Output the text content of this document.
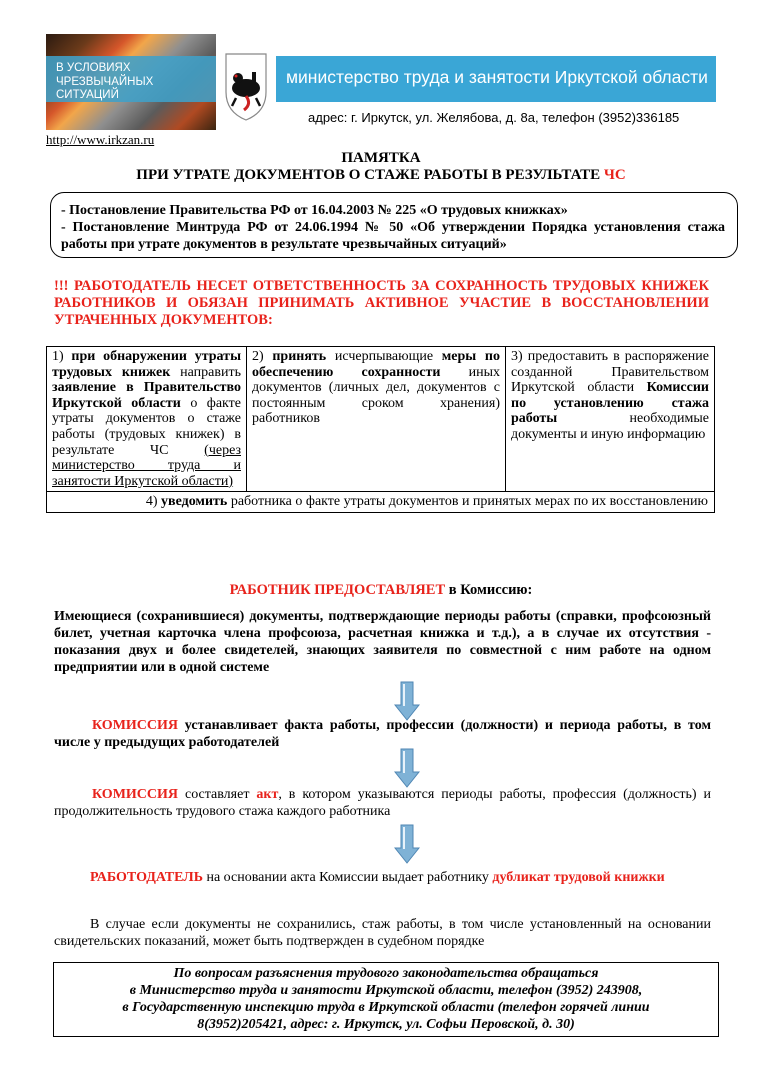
В УСЛОВИЯХ
ЧРЕЗВЫЧАЙНЫХ СИТУАЦИЙ
министерство труда и занятости Иркутской области
адрес: г. Иркутск, ул. Желябова, д. 8а, телефон (3952)336185
http://www.irkzan.ru
ПАМЯТКА
ПРИ УТРАТЕ ДОКУМЕНТОВ О СТАЖЕ РАБОТЫ В РЕЗУЛЬТАТЕ ЧС
- Постановление Правительства РФ от 16.04.2003 № 225 «О трудовых книжках»
- Постановление Минтруда РФ от 24.06.1994 № 50 «Об утверждении Порядка установления стажа работы при утрате документов в результате чрезвычайных ситуаций»
!!! РАБОТОДАТЕЛЬ НЕСЕТ ОТВЕТСТВЕННОСТЬ ЗА СОХРАННОСТЬ ТРУДОВЫХ КНИЖЕК РАБОТНИКОВ И ОБЯЗАН ПРИНИМАТЬ АКТИВНОЕ УЧАСТИЕ В ВОССТАНОВЛЕНИИ УТРАЧЕННЫХ ДОКУМЕНТОВ:
1) при обнаружении утраты трудовых книжек направить заявление в Правительство Иркутской области о факте утраты документов о стаже работы (трудовых книжек) в результате ЧС (через министерство труда и занятости Иркутской области)	2) принять исчерпывающие меры по обеспечению сохранности иных документов (личных дел, документов с постоянным сроком хранения) работников	3) предоставить в распоряжение созданной Правительством Иркутской области Комиссии по установлению стажа работы необходимые документы и иную информацию
4) уведомить работника о факте утраты документов и принятых мерах по их восстановлению
РАБОТНИК ПРЕДОСТАВЛЯЕТ в Комиссию:
Имеющиеся (сохранившиеся) документы, подтверждающие периоды работы (справки, профсоюзный билет, учетная карточка члена профсоюза, расчетная книжка и т.д.), а в случае их отсутствия - показания двух и более свидетелей, знающих заявителя по совместной с ним работе на одном предприятии или в одной системе
КОМИССИЯ устанавливает факта работы, профессии (должности) и периода работы, в том числе у предыдущих работодателей
КОМИССИЯ составляет акт, в котором указываются периоды работы, профессия (должность) и продолжительность трудового стажа каждого работника
РАБОТОДАТЕЛЬ на основании акта Комиссии выдает работнику дубликат трудовой книжки
В случае если документы не сохранились, стаж работы, в том числе установленный на основании свидетельских показаний, может быть подтвержден в судебном порядке
По вопросам разъяснения трудового законодательства обращаться
в Министерство труда и занятости Иркутской области, телефон (3952) 243908,
в Государственную инспекцию труда в Иркутской области (телефон горячей линии
8(3952)205421, адрес: г. Иркутск, ул. Софьи Перовской, д. 30)
